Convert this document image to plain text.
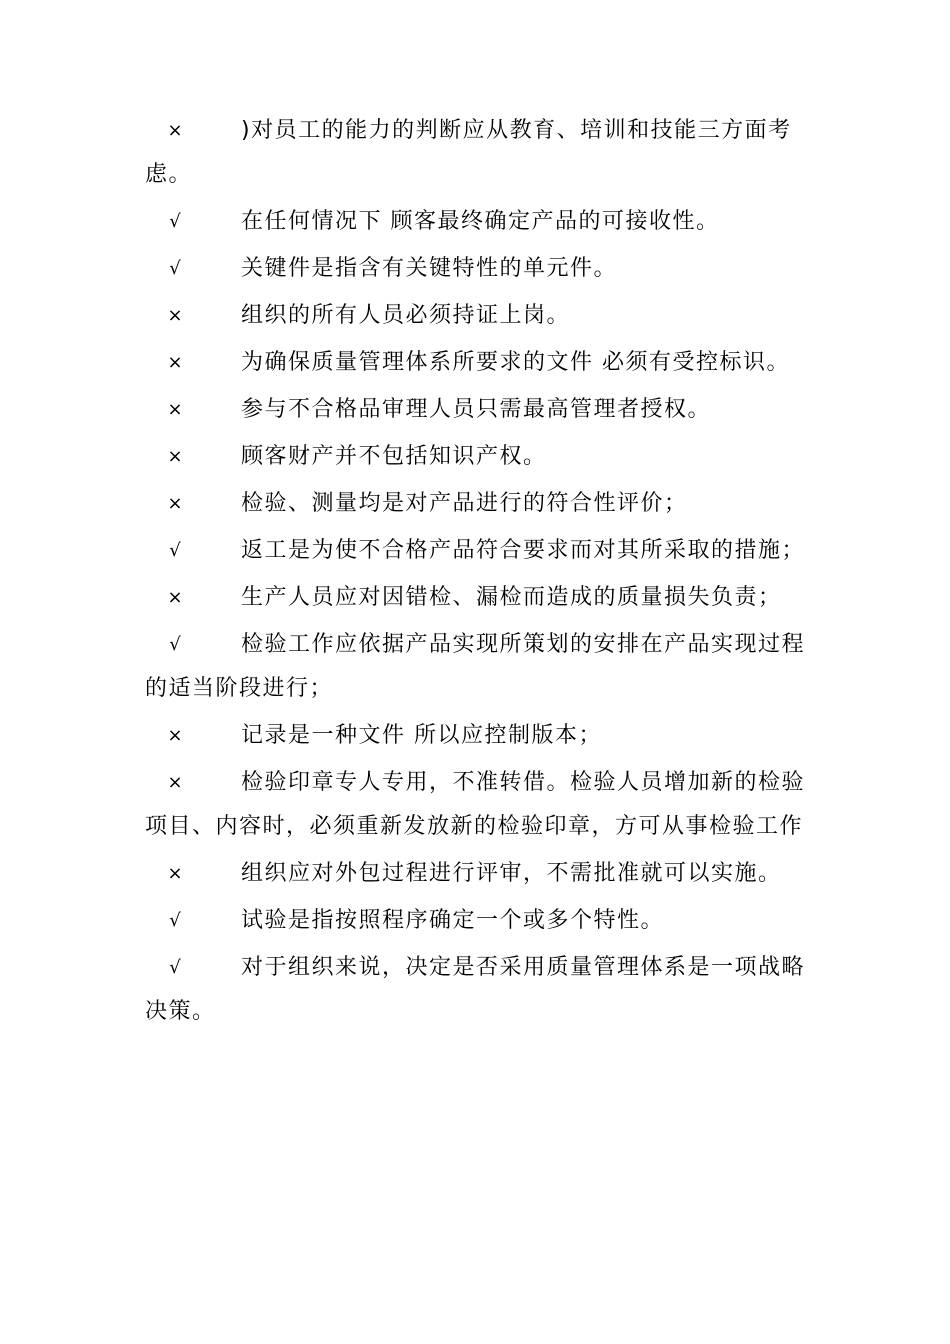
×	)对员工的能力的判断应从教育、培训和技能三方面考虑。
√	在任何情况下 顾客最终确定产品的可接收性。
√	关键件是指含有关键特性的单元件。
×	组织的所有人员必须持证上岗。
×	为确保质量管理体系所要求的文件 必须有受控标识。
×	参与不合格品审理人员只需最高管理者授权。
×	顾客财产并不包括知识产权。
×	检验、测量均是对产品进行的符合性评价；
√	返工是为使不合格产品符合要求而对其所采取的措施；
×	生产人员应对因错检、漏检而造成的质量损失负责；
√	检验工作应依据产品实现所策划的安排在产品实现过程的适当阶段进行；
×	记录是一种文件 所以应控制版本；
×	检验印章专人专用，不准转借。检验人员增加新的检验项目、内容时，必须重新发放新的检验印章，方可从事检验工作
×	组织应对外包过程进行评审，不需批准就可以实施。
√	试验是指按照程序确定一个或多个特性。
√	对于组织来说，决定是否采用质量管理体系是一项战略决策。
